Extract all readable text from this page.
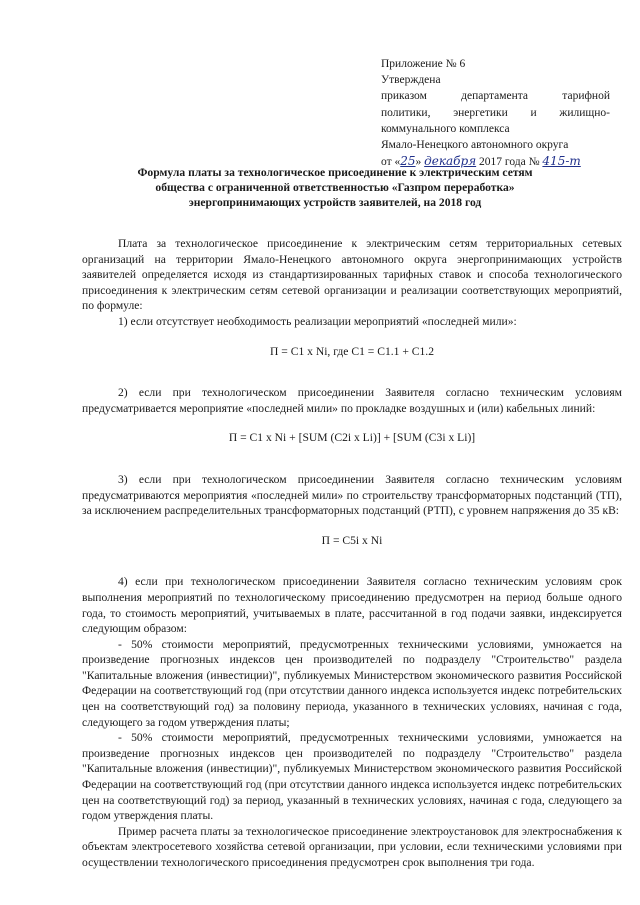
Приложение № 6
Утверждена
приказом	департамента	тарифной
политики, энергетики и жилищно-
коммунального комплекса
Ямало-Ненецкого автономного округа
от «25» декабря 2017 года № 415-т
Формула платы за технологическое присоединение к электрическим сетям
общества с ограниченной ответственностью «Газпром переработка»
энергопринимающих устройств заявителей, на 2018 год

Плата за технологическое присоединение к электрическим сетям территориальных сетевых организаций на территории Ямало-Ненецкого автономного округа энергопринимающих устройств заявителей определяется исходя из стандартизированных тарифных ставок и способа технологического присоединения к электрическим сетям сетевой организации и реализации соответствующих мероприятий, по формуле:

1) если отсутствует необходимость реализации мероприятий «последней мили»:

П = С1 х Ni, где С1 = С1.1 + С1.2

2) если при технологическом присоединении Заявителя согласно техническим условиям предусматривается мероприятие «последней мили» по прокладке воздушных и (или) кабельных линий:

П = С1 х Ni + [SUM (C2i x Li)] + [SUM (C3i x Li)]

3) если при технологическом присоединении Заявителя согласно техническим условиям предусматриваются мероприятия «последней мили» по строительству трансформаторных подстанций (ТП), за исключением распределительных трансформаторных подстанций (РТП), с уровнем напряжения до 35 кВ:

П = С5i х Ni

4) если при технологическом присоединении Заявителя согласно техническим условиям срок выполнения мероприятий по технологическому присоединению предусмотрен на период больше одного года, то стоимость мероприятий, учитываемых в плате, рассчитанной в год подачи заявки, индексируется следующим образом:

- 50% стоимости мероприятий, предусмотренных техническими условиями, умножается на произведение прогнозных индексов цен производителей по подразделу "Строительство" раздела "Капитальные вложения (инвестиции)", публикуемых Министерством экономического развития Российской Федерации на соответствующий год (при отсутствии данного индекса используется индекс потребительских цен на соответствующий год) за половину периода, указанного в технических условиях, начиная с года, следующего за годом утверждения платы;

- 50% стоимости мероприятий, предусмотренных техническими условиями, умножается на произведение прогнозных индексов цен производителей по подразделу "Строительство" раздела "Капитальные вложения (инвестиции)", публикуемых Министерством экономического развития Российской Федерации на соответствующий год (при отсутствии данного индекса используется индекс потребительских цен на соответствующий год) за период, указанный в технических условиях, начиная с года, следующего за годом утверждения платы.

Пример расчета платы за технологическое присоединение электроустановок для электроснабжения к объектам электросетевого хозяйства сетевой организации, при условии, если техническими условиями при осуществлении технологического присоединения предусмотрен срок выполнения три года.
